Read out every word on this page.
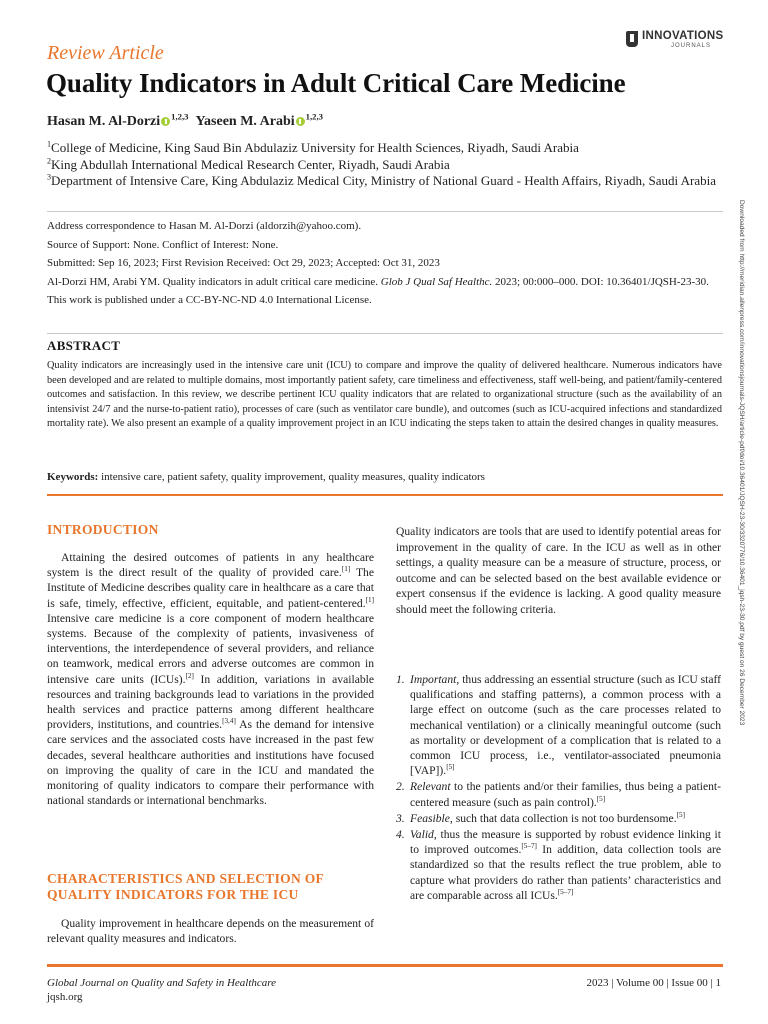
Review Article
INNOVATIONS
JOURNALS
Quality Indicators in Adult Critical Care Medicine
Hasan M. Al-Dorzi $^{1,2,3}$ Yaseen M. Arabi $^{1,2,3}$
$^1$College of Medicine, King Saud Bin Abdulaziz University for Health Sciences, Riyadh, Saudi Arabia
$^2$King Abdullah International Medical Research Center, Riyadh, Saudi Arabia
$^3$Department of Intensive Care, King Abdulaziz Medical City, Ministry of National Guard - Health Affairs, Riyadh, Saudi Arabia

Address correspondence to Hasan M. Al-Dorzi (aldorzih@yahoo.com).

Source of Support: None. Conflict of Interest: None.

Submitted: Sep 16, 2023; First Revision Received: Oct 29, 2023; Accepted: Oct 31, 2023

Al-Dorzi HM, Arabi YM. Quality indicators in adult critical care medicine. Glob J Qual Saf Healthc. 2023; 00:000–000. DOI: 10.36401/JQSH-23-30.

This work is published under a CC-BY-NC-ND 4.0 International License.

ABSTRACT
Quality indicators are increasingly used in the intensive care unit (ICU) to compare and improve the quality of delivered healthcare. Numerous indicators have been developed and are related to multiple domains, most importantly patient safety, care timeliness and effectiveness, staff well-being, and patient/family-centered outcomes and satisfaction. In this review, we describe pertinent ICU quality indicators that are related to organizational structure (such as the availability of an intensivist 24/7 and the nurse-to-patient ratio), processes of care (such as ventilator care bundle), and outcomes (such as ICU-acquired infections and standardized mortality rate). We also present an example of a quality improvement project in an ICU indicating the steps taken to attain the desired changes in quality measures.
Keywords: intensive care, patient safety, quality improvement, quality measures, quality indicators
INTRODUCTION

Attaining the desired outcomes of patients in any healthcare system is the direct result of the quality of provided care.[1] The Institute of Medicine describes quality care in healthcare as a care that is safe, timely, effective, efficient, equitable, and patient-centered.[1] Intensive care medicine is a core component of modern healthcare systems. Because of the complexity of patients, invasiveness of interventions, the interdependence of several providers, and reliance on teamwork, medical errors and adverse outcomes are common in intensive care units (ICUs).[2] In addition, variations in available resources and training backgrounds lead to variations in the provided health services and practice patterns among different healthcare providers, institutions, and countries.[3,4] As the demand for intensive care services and the associated costs have increased in the past few decades, several healthcare authorities and institutions have focused on improving the quality of care in the ICU and mandated the monitoring of quality indicators to compare their performance with national standards or international benchmarks.

CHARACTERISTICS AND SELECTION OF QUALITY INDICATORS FOR THE ICU

Quality improvement in healthcare depends on the measurement of relevant quality measures and indicators.

Quality indicators are tools that are used to identify potential areas for improvement in the quality of care. In the ICU as well as in other settings, a quality measure can be a measure of structure, process, or outcome and can be selected based on the best available evidence or expert consensus if the evidence is lacking. A good quality measure should meet the following criteria.
1. Important, thus addressing an essential structure (such as ICU staff qualifications and staffing patterns), a common process with a large effect on outcome (such as the care processes related to mechanical ventilation) or a clinically meaningful outcome (such as mortality or development of a complication that is related to a common ICU process, i.e., ventilator-associated pneumonia [VAP]).[5]
2. Relevant to the patients and/or their families, thus being a patient-centered measure (such as pain control).[5]
3. Feasible, such that data collection is not too burdensome.[5]
4. Valid, thus the measure is supported by robust evidence linking it to improved outcomes.[5–7] In addition, data collection tools are standardized so that the results reflect the true problem, able to capture what providers do rather than patients’ characteristics and are comparable across all ICUs.[5–7]
Downloaded from http://meridian.allenpress.com/innovationsjournals-JQSH/article-pdf/doi/10.36401/JQSH-23-30/3320776/10.36401_jqsh-23-30.pdf by guest on 26 December 2023
Global Journal on Quality and Safety in Healthcare
jqsh.org
2023 | Volume 00 | Issue 00 | 1
